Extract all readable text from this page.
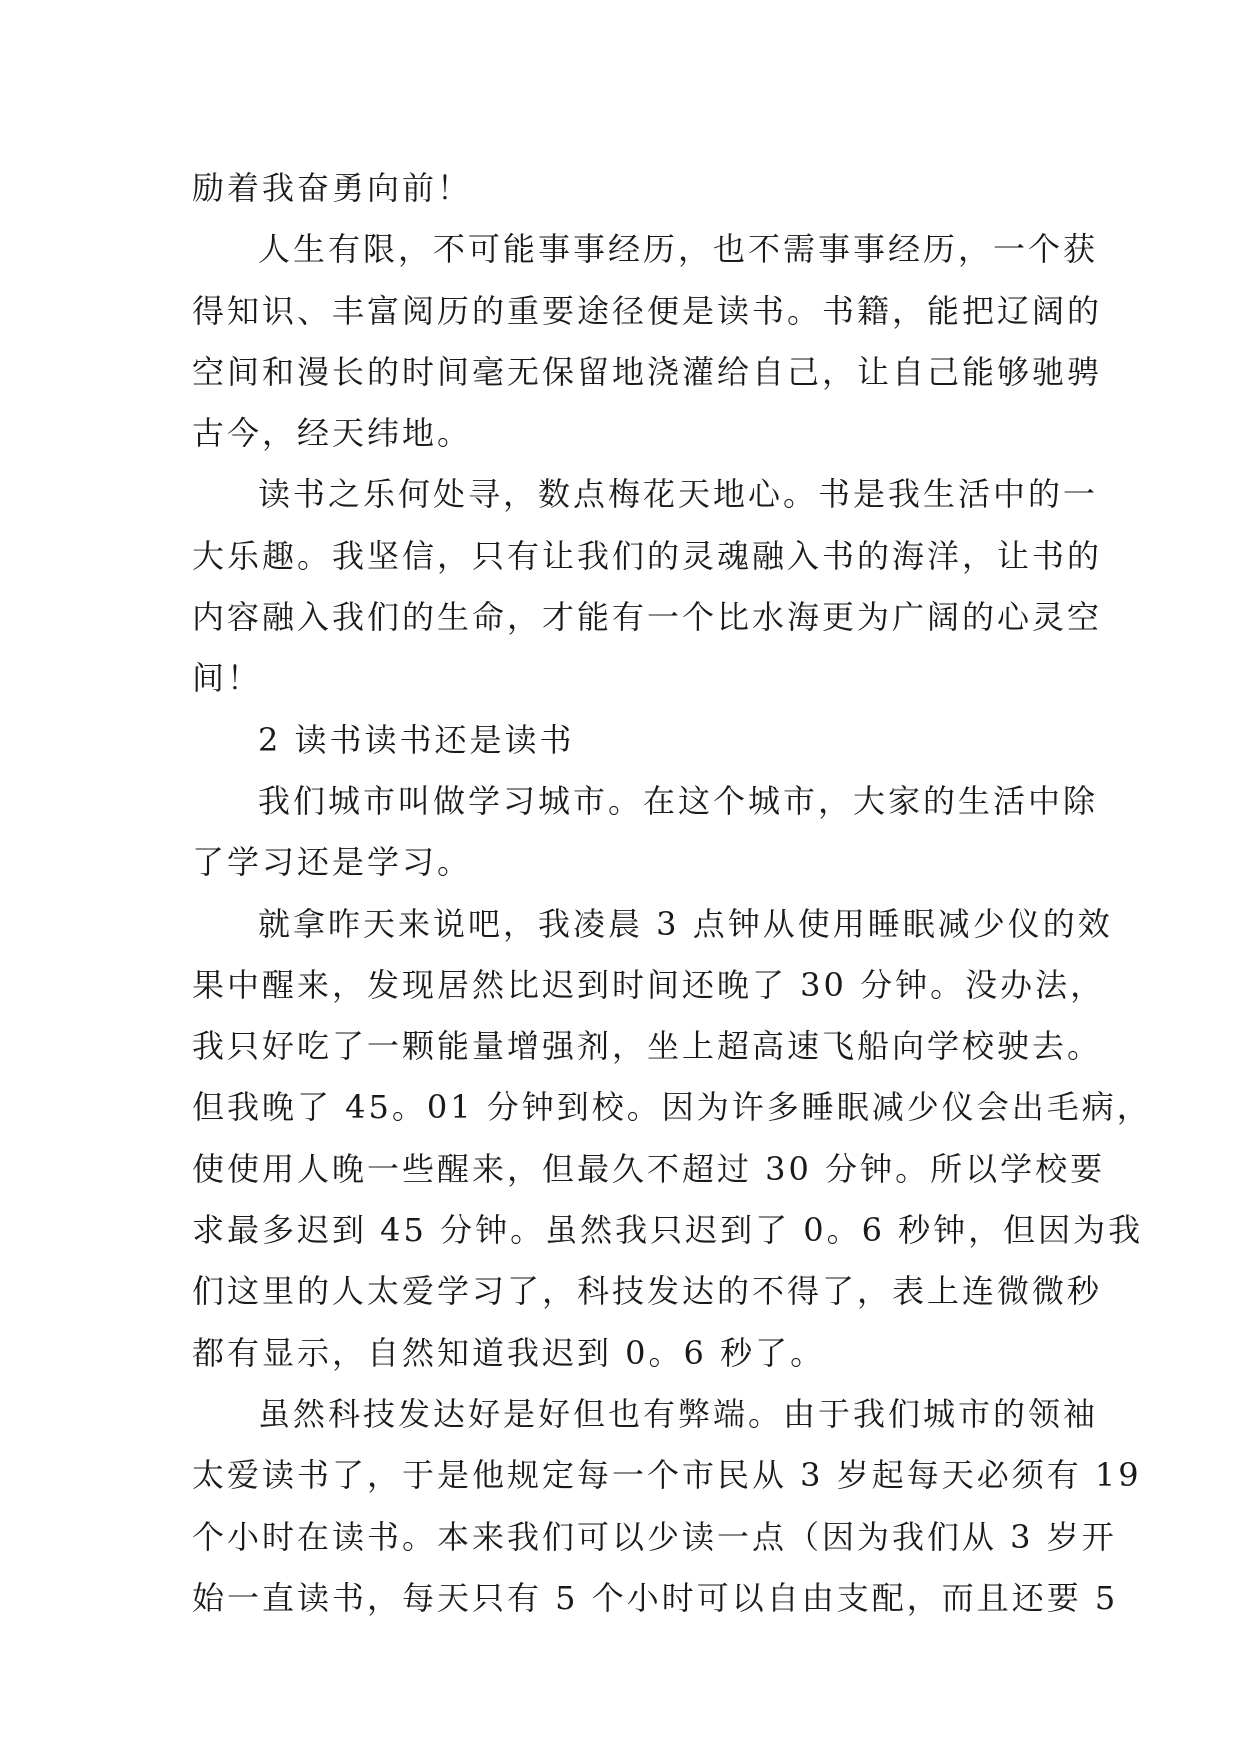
励着我奋勇向前！
人生有限，不可能事事经历，也不需事事经历，一个获
得知识、丰富阅历的重要途径便是读书。书籍，能把辽阔的
空间和漫长的时间毫无保留地浇灌给自己，让自己能够驰骋
古今，经天纬地。
读书之乐何处寻，数点梅花天地心。书是我生活中的一
大乐趣。我坚信，只有让我们的灵魂融入书的海洋，让书的
内容融入我们的生命，才能有一个比水海更为广阔的心灵空
间！
2 读书读书还是读书
我们城市叫做学习城市。在这个城市，大家的生活中除
了学习还是学习。
就拿昨天来说吧，我凌晨 3 点钟从使用睡眠减少仪的效
果中醒来，发现居然比迟到时间还晚了 30 分钟。没办法，
我只好吃了一颗能量增强剂，坐上超高速飞船向学校驶去。
但我晚了 45。01 分钟到校。因为许多睡眠减少仪会出毛病，
使使用人晚一些醒来，但最久不超过 30 分钟。所以学校要
求最多迟到 45 分钟。虽然我只迟到了 0。6 秒钟，但因为我
们这里的人太爱学习了，科技发达的不得了，表上连微微秒
都有显示，自然知道我迟到 0。6 秒了。
虽然科技发达好是好但也有弊端。由于我们城市的领袖
太爱读书了，于是他规定每一个市民从 3 岁起每天必须有 19
个小时在读书。本来我们可以少读一点（因为我们从 3 岁开
始一直读书，每天只有 5 个小时可以自由支配，而且还要 5
